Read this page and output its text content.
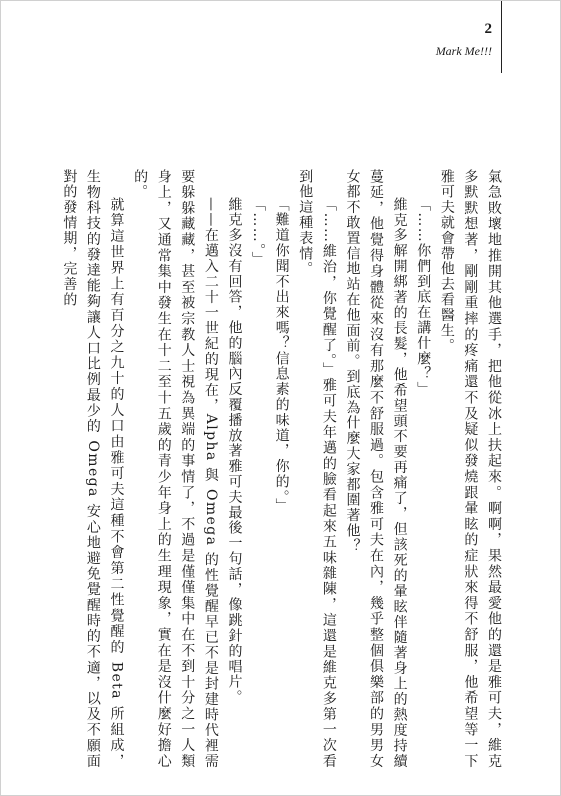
2
Mark Me!!!

氣急敗壞地推開其他選手，把他從冰上扶起來。啊啊，果然最愛他的還是雅可夫，維克多默默想著，剛剛重摔的疼痛還不及疑似發燒跟暈眩的症狀來得不舒服，他希望等一下雅可夫就會帶他去看醫生。

「……你們到底在講什麼？」

維克多解開綁著的長髮，他希望頭不要再痛了，但該死的暈眩伴隨著身上的熱度持續蔓延，他覺得身體從來沒有那麼不舒服過。包含雅可夫在內，幾乎整個俱樂部的男男女女都不敢置信地站在他面前。到底為什麼大家都圍著他？

「……維治，你覺醒了。」雅可夫年邁的臉看起來五味雜陳，這還是維克多第一次看到他這種表情。

「難道你聞不出來嗎？信息素的味道，你的。」

「……。」

維克多沒有回答，他的腦內反覆播放著雅可夫最後一句話，像跳針的唱片。

——在邁入二十一世紀的現在，Alpha 與 Omega 的性覺醒早已不是封建時代裡需要躲躲藏藏，甚至被宗教人士視為異端的事情了，不過是僅僅集中在不到十分之一人類身上，又通常集中發生在十二至十五歲的青少年身上的生理現象，實在是沒什麼好擔心的。

就算這世界上有百分之九十的人口由雅可夫這種不會第二性覺醒的 Beta 所組成，生物科技的發達能夠讓人口比例最少的 Omega 安心地避免覺醒時的不適，以及不願面對的發情期，完善的
